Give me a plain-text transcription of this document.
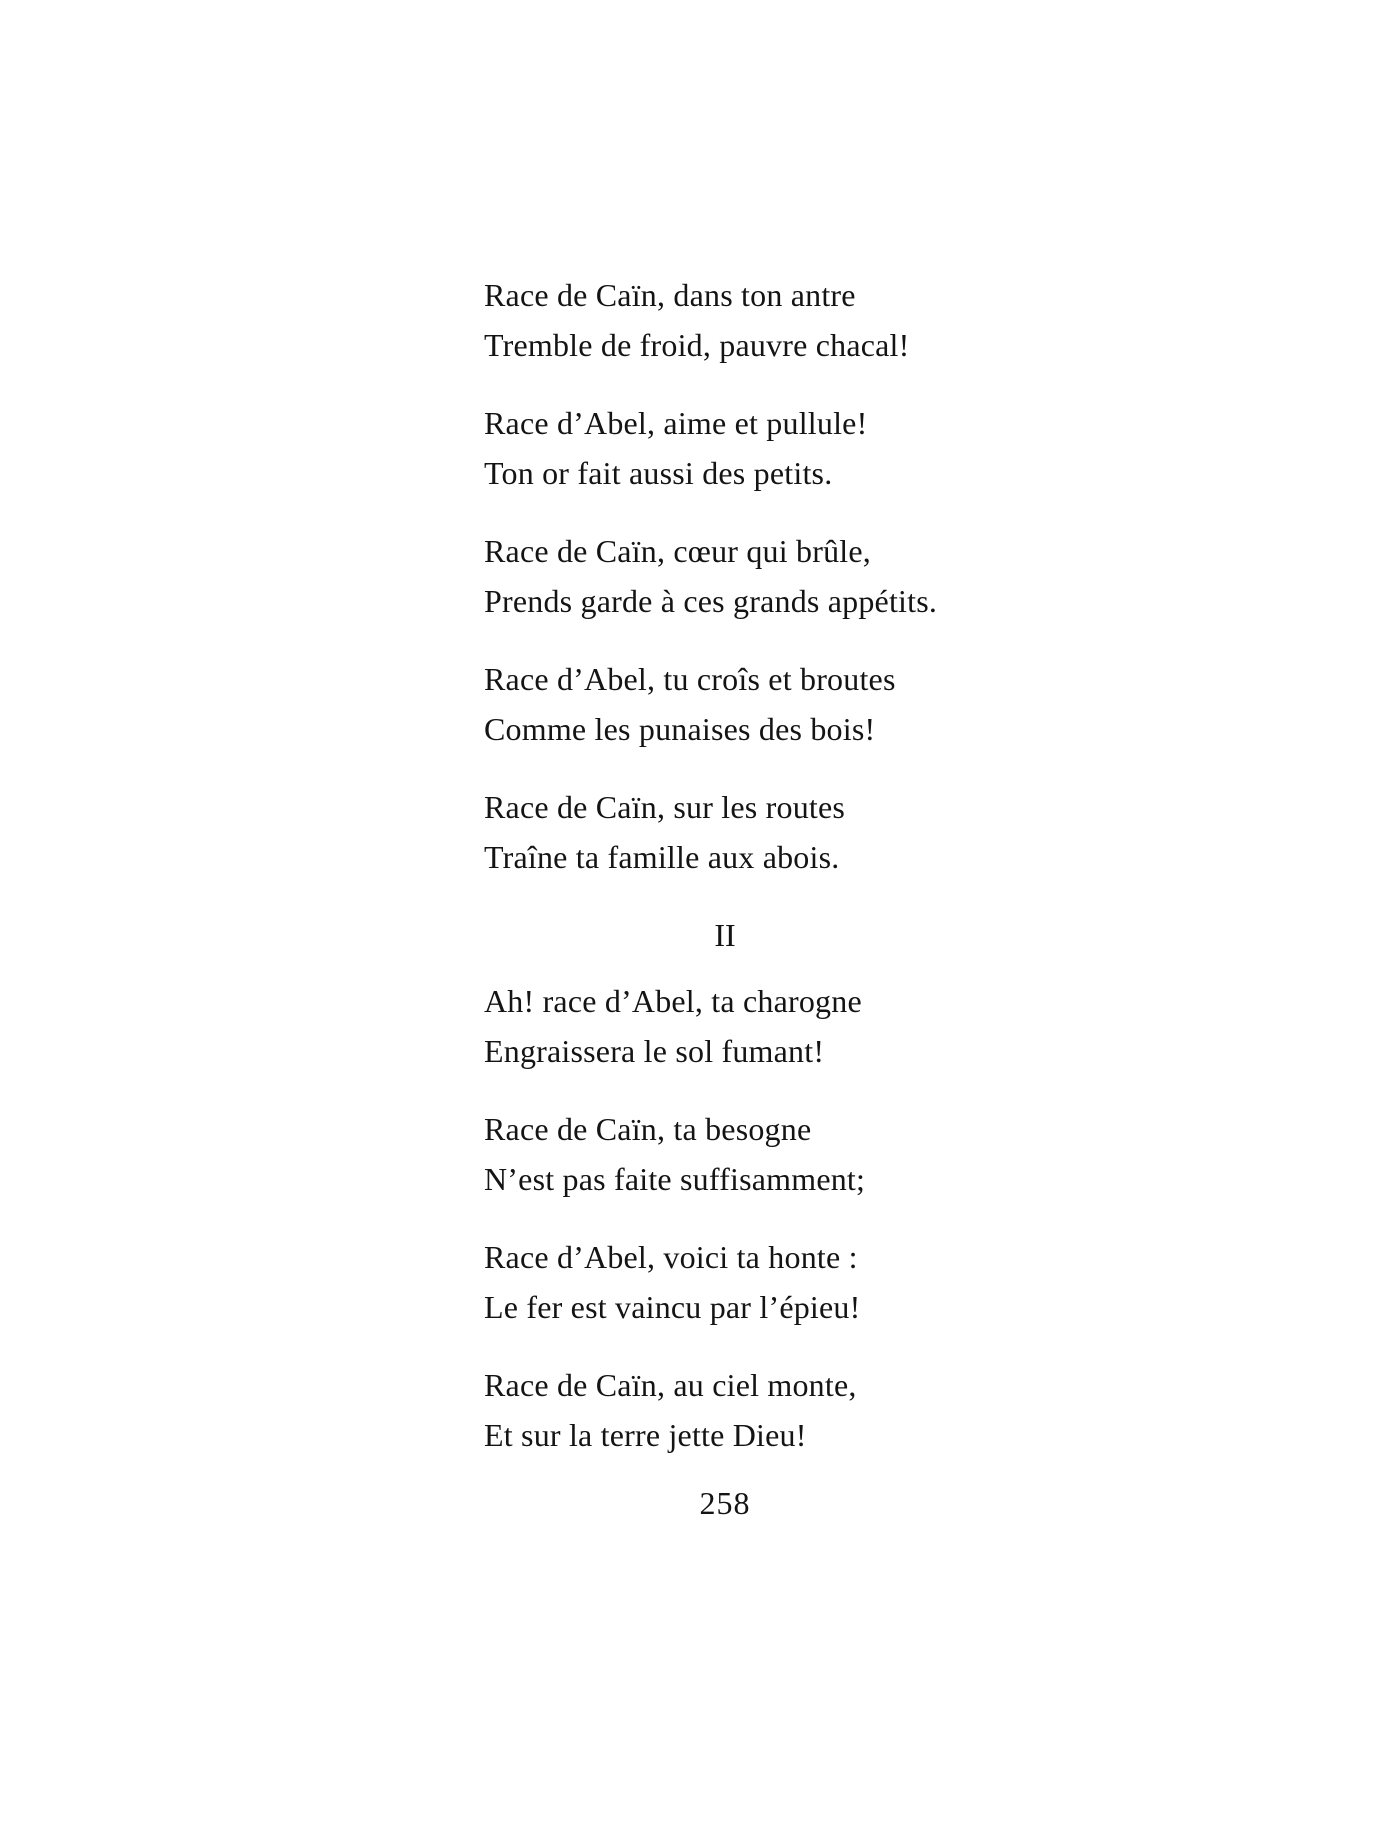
Race de Caïn, dans ton antre
Tremble de froid, pauvre chacal!
Race d’Abel, aime et pullule!
Ton or fait aussi des petits.
Race de Caïn, cœur qui brûle,
Prends garde à ces grands appétits.
Race d’Abel, tu croîs et broutes
Comme les punaises des bois!
Race de Caïn, sur les routes
Traîne ta famille aux abois.
II
Ah! race d’Abel, ta charogne
Engraissera le sol fumant!
Race de Caïn, ta besogne
N’est pas faite suffisamment;
Race d’Abel, voici ta honte :
Le fer est vaincu par l’épieu!
Race de Caïn, au ciel monte,
Et sur la terre jette Dieu!
258
